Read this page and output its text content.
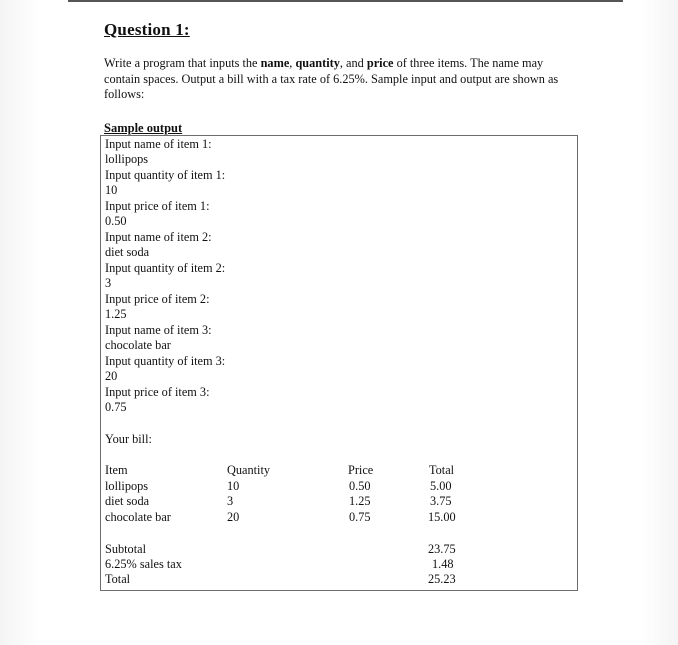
Question 1:
Write a program that inputs the name, quantity, and price of three items. The name may contain spaces. Output a bill with a tax rate of 6.25%. Sample input and output are shown as follows:
Sample output
Input name of item 1:
lollipops
Input quantity of item 1:
10
Input price of item 1:
0.50
Input name of item 2:
diet soda
Input quantity of item 2:
3
Input price of item 2:
1.25
Input name of item 3:
chocolate bar
Input quantity of item 3:
20
Input price of item 3:
0.75
Your bill:
Item	Quantity	Price	Total
lollipops	10	0.50	5.00
diet soda	3	1.25	3.75
chocolate bar	20	0.75	15.00
Subtotal	23.75
6.25% sales tax	1.48
Total	25.23
